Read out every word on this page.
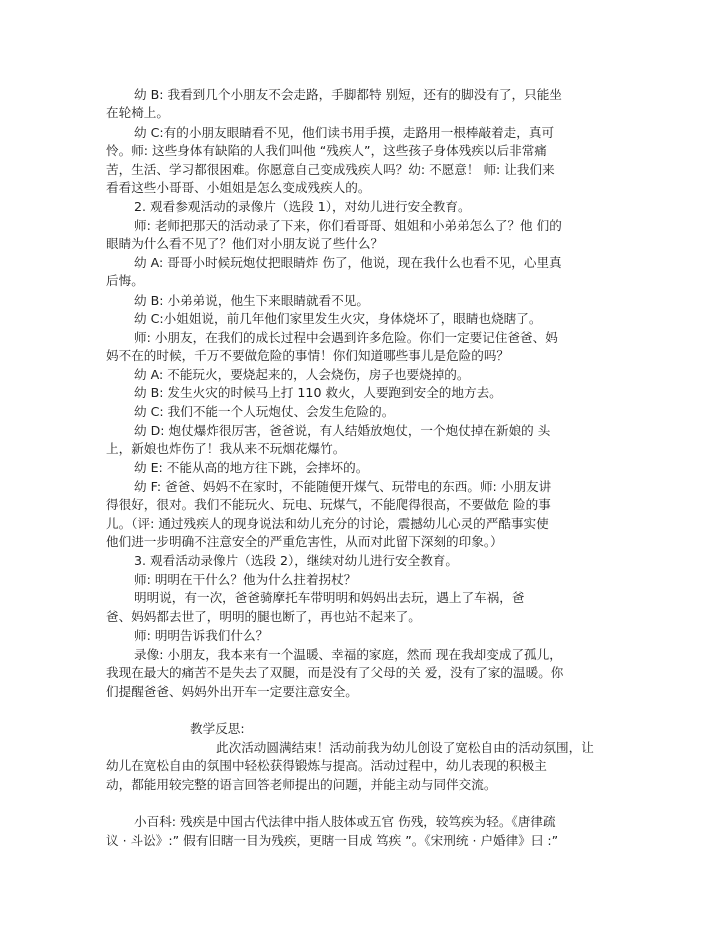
幼 B: 我看到几个小朋友不会走路，手脚都特 别短，还有的脚没有了，只能坐
在轮椅上。
幼 C:有的小朋友眼睛看不见，他们读书用手摸，走路用一根棒敲着走，真可
怜。师: 这些身体有缺陷的人我们叫他 “残疾人”，这些孩子身体残疾以后非常痛
苦，生活、学习都很困难。你愿意自己变成残疾人吗？幼: 不愿意！ 师: 让我们来
看看这些小哥哥、小姐姐是怎么变成残疾人的。
2. 观看参观活动的录像片（选段 1），对幼儿进行安全教育。
师: 老师把那天的活动录了下来，你们看哥哥、姐姐和小弟弟怎么了？他 们的
眼睛为什么看不见了？他们对小朋友说了些什么？
幼 A: 哥哥小时候玩炮仗把眼睛炸 伤了，他说，现在我什么也看不见，心里真
后悔。
幼 B: 小弟弟说，他生下来眼睛就看不见。
幼 C:小姐姐说，前几年他们家里发生火灾，身体烧坏了，眼睛也烧瞎了。
师: 小朋友，在我们的成长过程中会遇到许多危险。你们一定要记住爸爸、妈
妈不在的时候，千万不要做危险的事情！你们知道哪些事儿是危险的吗？
幼 A: 不能玩火，要烧起来的，人会烧伤，房子也要烧掉的。
幼 B: 发生火灾的时候马上打 110 救火，人要跑到安全的地方去。
幼 C: 我们不能一个人玩炮仗、会发生危险的。
幼 D: 炮仗爆炸很厉害，爸爸说，有人结婚放炮仗，一个炮仗掉在新娘的 头
上，新娘也炸伤了！我从来不玩烟花爆竹。
幼 E: 不能从高的地方往下跳，会摔坏的。
幼 F: 爸爸、妈妈不在家时，不能随便开煤气、玩带电的东西。师: 小朋友讲
得很好，很对。我们不能玩火、玩电、玩煤气，不能爬得很高，不要做危 险的事
儿。（评: 通过残疾人的现身说法和幼儿充分的讨论，震撼幼儿心灵的严酷事实使
他们进一步明确不注意安全的严重危害性，从而对此留下深刻的印象。）
3. 观看活动录像片（选段 2），继续对幼儿进行安全教育。
师: 明明在干什么？他为什么拄着拐杖？
明明说，有一次，爸爸骑摩托车带明明和妈妈出去玩，遇上了车祸，爸
爸、妈妈都去世了，明明的腿也断了，再也站不起来了。
师: 明明告诉我们什么？
录像: 小朋友，我本来有一个温暖、幸福的家庭，然而 现在我却变成了孤儿，
我现在最大的痛苦不是失去了双腿，而是没有了父母的关 爱，没有了家的温暖。你
们提醒爸爸、妈妈外出开车一定要注意安全。
教学反思:
此次活动圆满结束！活动前我为幼儿创设了宽松自由的活动氛围，让
幼儿在宽松自由的氛围中轻松获得锻炼与提高。活动过程中，幼儿表现的积极主
动，都能用较完整的语言回答老师提出的问题，并能主动与同伴交流。
小百科: 残疾是中国古代法律中指人肢体或五官 伤残，较笃疾为轻。《唐律疏
议 · 斗讼》:” 假有旧瞎一目为残疾，更瞎一目成 笃疾 ”。《宋刑统 · 户婚律》曰 :”
